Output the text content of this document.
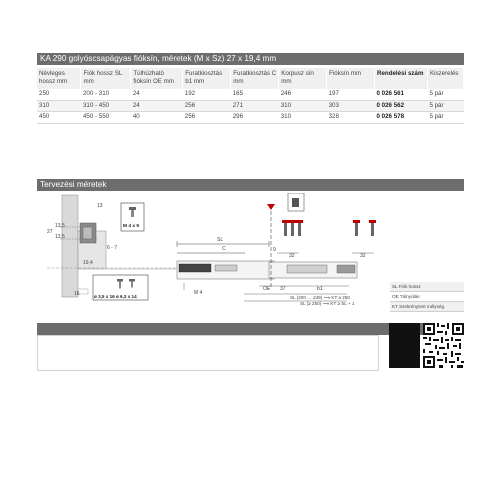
KA 290 golyóscsapágyas fióksín, méretek (M x Sz) 27 x 19,4 mm
Névleges hossz mm	Fiók hossz SL mm	Túlhúzható fióksín OE mm	Furatkiosztás b1 mm	Furatkiosztás C mm	Korpusz sín mm	Fióksín mm	Rendelési szám	Kiszerelés
250	200 - 310	24	192	165	246	197	0 026 561	5 pár
310	310 - 450	24	256	271	310	303	0 026 562	5 pár
450	450 - 550	40	256	296	310	328	0 026 578	5 pár
Tervezési méretek
13
27
13,5
13,5
6 - 7
19,4
16
M 4 x 9
ø 3,5 x 16 ø 6,3 x 14
SL
C
M 4
9
32	32
OE 37	b1
SL (200 … 249) ⟶ KT ≥ 250
SL (≥ 250) ⟶ KT ≥ SL + 1
SL Fiók hossz
OE Túlnyúlás
KT Szekrénytest mélység
